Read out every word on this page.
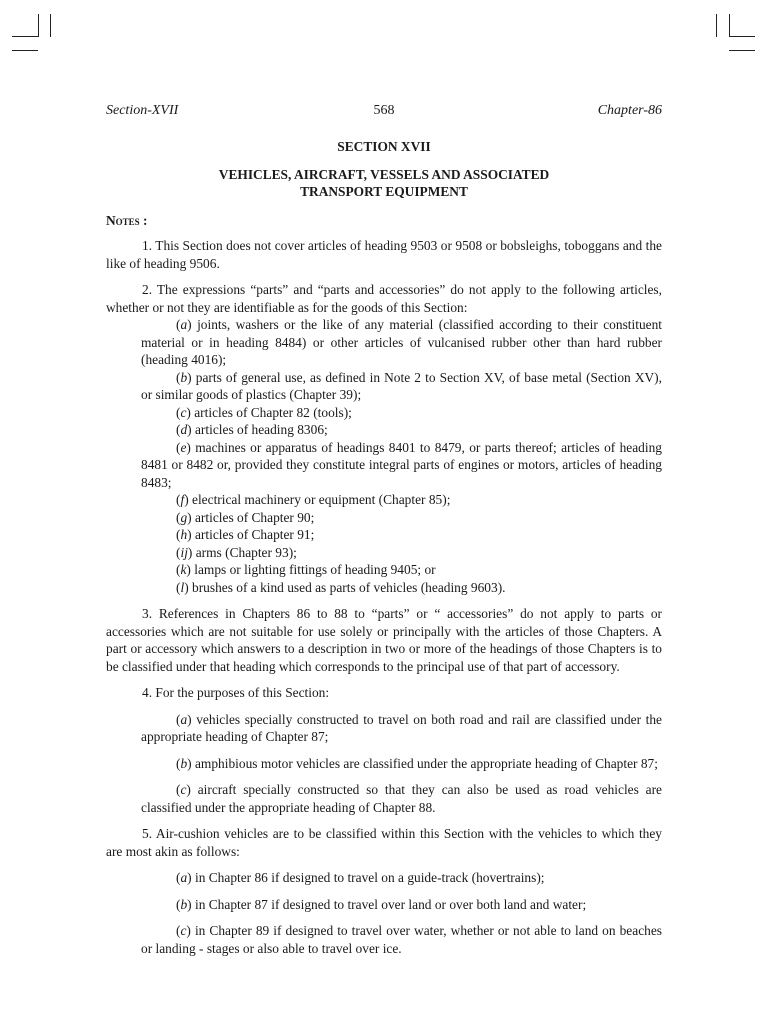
Section-XVII	568	Chapter-86
SECTION XVII
VEHICLES, AIRCRAFT, VESSELS AND ASSOCIATED
TRANSPORT EQUIPMENT
Notes :

1. This Section does not cover articles of heading 9503 or 9508 or bobsleighs, toboggans and the like of heading 9506.

2. The expressions “parts” and “parts and accessories” do not apply to the following articles, whether or not they are identifiable as for the goods of this Section:

(a) joints, washers or the like of any material (classified according to their constituent material or in heading 8484) or other articles of vulcanised rubber other than hard rubber (heading 4016);

(b) parts of general use, as defined in Note 2 to Section XV, of base metal (Section XV), or similar goods of plastics (Chapter 39);

(c) articles of Chapter 82 (tools);

(d) articles of heading 8306;

(e) machines or apparatus of headings 8401 to 8479, or parts thereof; articles of heading 8481 or 8482 or, provided they constitute integral parts of engines or motors, articles of heading 8483;

(f) electrical machinery or equipment (Chapter 85);

(g) articles of Chapter 90;

(h) articles of Chapter 91;

(ij) arms (Chapter 93);

(k) lamps or lighting fittings of heading 9405; or

(l) brushes of a kind used as parts of vehicles (heading 9603).

3. References in Chapters 86 to 88 to “parts” or “ accessories” do not apply to parts or accessories which are not suitable for use solely or principally with the articles of those Chapters. A part or accessory which answers to a description in two or more of the headings of those Chapters is to be classified under that heading which corresponds to the principal use of that part of accessory.

4. For the purposes of this Section:

(a) vehicles specially constructed to travel on both road and rail are classified under the appropriate heading of Chapter 87;

(b) amphibious motor vehicles are classified under the appropriate heading of Chapter 87;

(c) aircraft specially constructed so that they can also be used as road vehicles are classified under the appropriate heading of Chapter 88.

5. Air-cushion vehicles are to be classified within this Section with the vehicles to which they are most akin as follows:

(a) in Chapter 86 if designed to travel on a guide-track (hovertrains);

(b) in Chapter 87 if designed to travel over land or over both land and water;

(c) in Chapter 89 if designed to travel over water, whether or not able to land on beaches or landing - stages or also able to travel over ice.
